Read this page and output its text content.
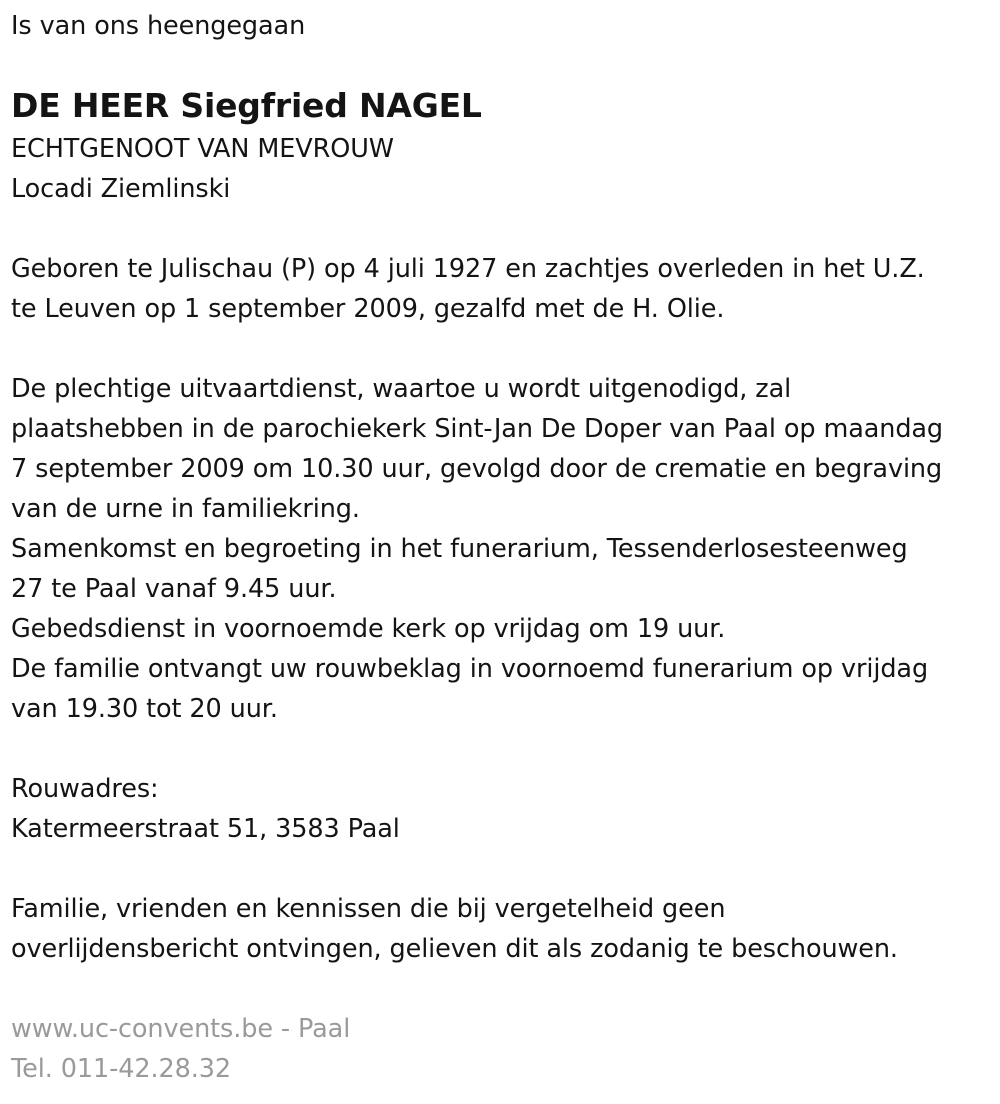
Is van ons heengegaan
DE HEER Siegfried NAGEL
ECHTGENOOT VAN MEVROUW
Locadi Ziemlinski
Geboren te Julischau (P) op 4 juli 1927 en zachtjes overleden in het U.Z.
te Leuven op 1 september 2009, gezalfd met de H. Olie.
De plechtige uitvaartdienst, waartoe u wordt uitgenodigd, zal
plaatshebben in de parochiekerk Sint-Jan De Doper van Paal op maandag
7 september 2009 om 10.30 uur, gevolgd door de crematie en begraving
van de urne in familiekring.
Samenkomst en begroeting in het funerarium, Tessenderlosesteenweg
27 te Paal vanaf 9.45 uur.
Gebedsdienst in voornoemde kerk op vrijdag om 19 uur.
De familie ontvangt uw rouwbeklag in voornoemd funerarium op vrijdag
van 19.30 tot 20 uur.
Rouwadres:
Katermeerstraat 51, 3583 Paal
Familie, vrienden en kennissen die bij vergetelheid geen
overlijdensbericht ontvingen, gelieven dit als zodanig te beschouwen.
www.uc-convents.be - Paal
Tel. 011-42.28.32
